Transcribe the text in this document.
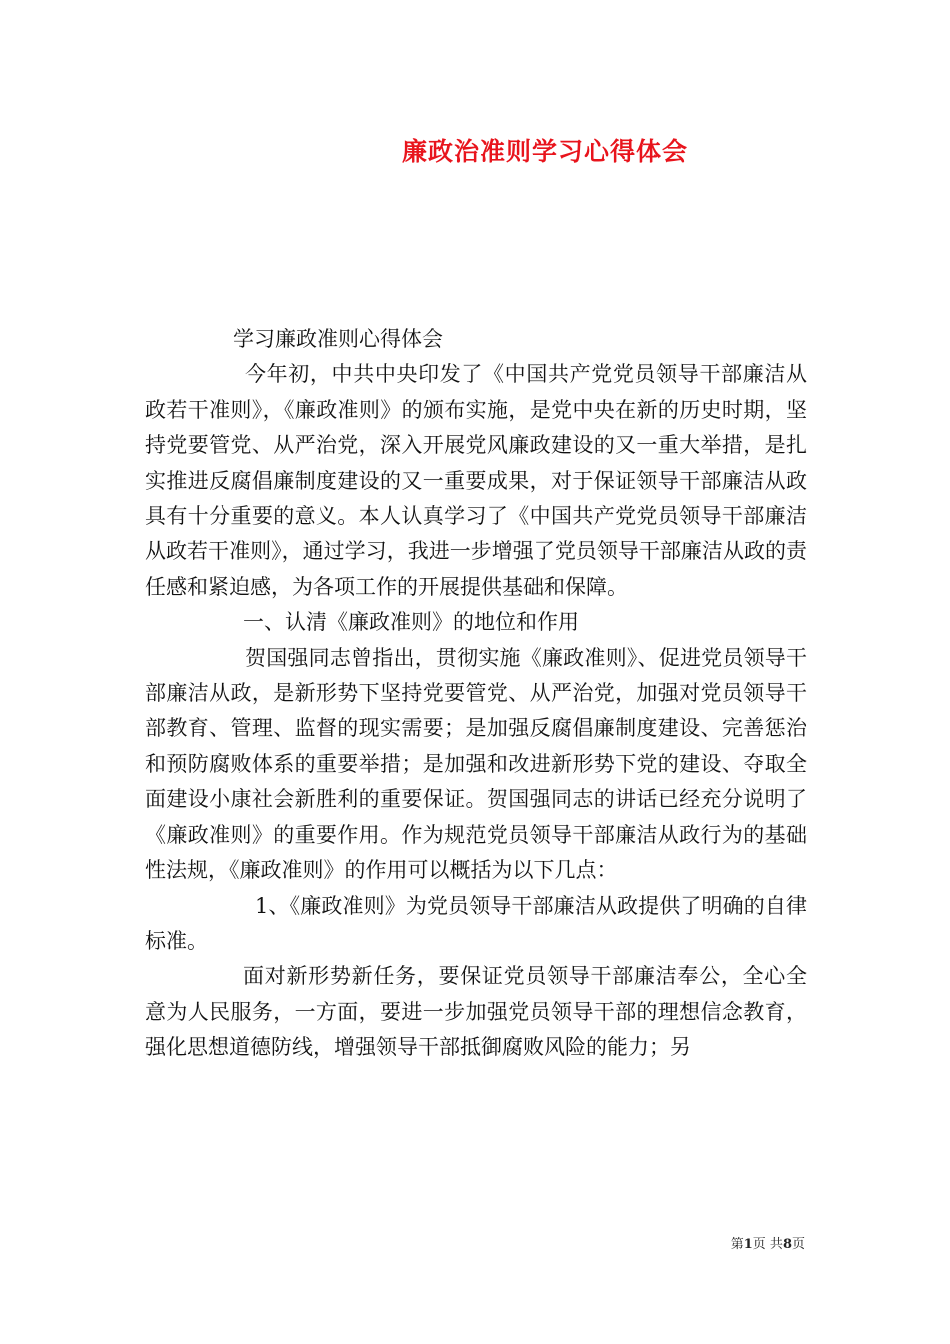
廉政治准则学习心得体会

学习廉政准则心得体会

今年初，中共中央印发了《中国共产党党员领导干部廉洁从政若干准则》，《廉政准则》的颁布实施，是党中央在新的历史时期，坚持党要管党、从严治党，深入开展党风廉政建设的又一重大举措，是扎实推进反腐倡廉制度建设的又一重要成果，对于保证领导干部廉洁从政具有十分重要的意义。本人认真学习了《中国共产党党员领导干部廉洁从政若干准则》，通过学习，我进一步增强了党员领导干部廉洁从政的责任感和紧迫感，为各项工作的开展提供基础和保障。

一、认清《廉政准则》的地位和作用

贺国强同志曾指出，贯彻实施《廉政准则》、促进党员领导干部廉洁从政，是新形势下坚持党要管党、从严治党，加强对党员领导干部教育、管理、监督的现实需要；是加强反腐倡廉制度建设、完善惩治和预防腐败体系的重要举措；是加强和改进新形势下党的建设、夺取全面建设小康社会新胜利的重要保证。贺国强同志的讲话已经充分说明了《廉政准则》的重要作用。作为规范党员领导干部廉洁从政行为的基础性法规，《廉政准则》的作用可以概括为以下几点：

1、《廉政准则》为党员领导干部廉洁从政提供了明确的自律标准。

面对新形势新任务，要保证党员领导干部廉洁奉公，全心全意为人民服务，一方面，要进一步加强党员领导干部的理想信念教育，强化思想道德防线，增强领导干部抵御腐败风险的能力；另

第1页 共8页
